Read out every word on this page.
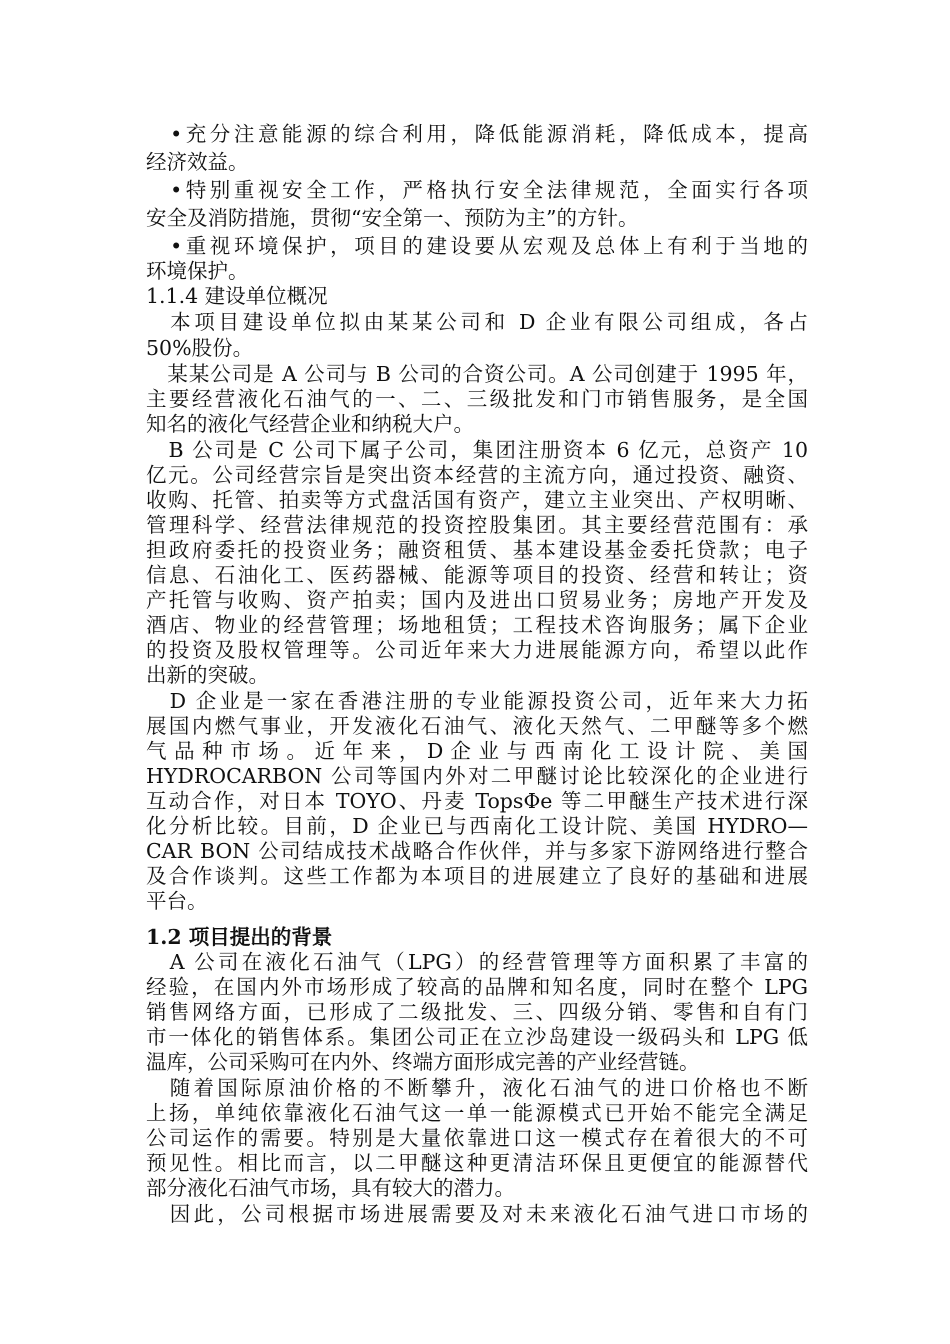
　•充分注意能源的综合利用，降低能源消耗，降低成本，提高
经济效益。
　•特别重视安全工作，严格执行安全法律规范，全面实行各项
安全及消防措施，贯彻“安全第一、预防为主”的方针。
　•重视环境保护，项目的建设要从宏观及总体上有利于当地的
环境保护。
1.1.4 建设单位概况
　本项目建设单位拟由某某公司和 D 企业有限公司组成，各占
50%股份。
　某某公司是 A 公司与 B 公司的合资公司。A 公司创建于 1995 年，
主要经营液化石油气的一、二、三级批发和门市销售服务，是全国
知名的液化气经营企业和纳税大户。
　B 公司是 C 公司下属子公司，集团注册资本 6 亿元，总资产 10
亿元。公司经营宗旨是突出资本经营的主流方向，通过投资、融资、
收购、托管、拍卖等方式盘活国有资产，建立主业突出、产权明晰、
管理科学、经营法律规范的投资控股集团。其主要经营范围有：承
担政府委托的投资业务；融资租赁、基本建设基金委托贷款；电子
信息、石油化工、医药器械、能源等项目的投资、经营和转让；资
产托管与收购、资产拍卖；国内及进出口贸易业务；房地产开发及
酒店、物业的经营管理；场地租赁；工程技术咨询服务；属下企业
的投资及股权管理等。公司近年来大力进展能源方向，希望以此作
出新的突破。
　D 企业是一家在香港注册的专业能源投资公司，近年来大力拓
展国内燃气事业，开发液化石油气、液化天然气、二甲醚等多个燃
气 品 种 市 场 。 近 年 来 ， D 企 业 与 西 南 化 工 设 计 院 、 美 国
HYDROCARBON 公司等国内外对二甲醚讨论比较深化的企业进行
互动合作，对日本 TOYO、丹麦 TopsΦe 等二甲醚生产技术进行深
化分析比较。目前，D 企业已与西南化工设计院、美国 HYDRO—
CAR BON 公司结成技术战略合作伙伴，并与多家下游网络进行整合
及合作谈判。这些工作都为本项目的进展建立了良好的基础和进展
平台。
1.2 项目提出的背景
　A 公司在液化石油气（LPG）的经营管理等方面积累了丰富的
经验，在国内外市场形成了较高的品牌和知名度，同时在整个 LPG
销售网络方面，已形成了二级批发、三、四级分销、零售和自有门
市一体化的销售体系。集团公司正在立沙岛建设一级码头和 LPG 低
温库，公司采购可在内外、终端方面形成完善的产业经营链。
　随着国际原油价格的不断攀升，液化石油气的进口价格也不断
上扬，单纯依靠液化石油气这一单一能源模式已开始不能完全满足
公司运作的需要。特别是大量依靠进口这一模式存在着很大的不可
预见性。相比而言，以二甲醚这种更清洁环保且更便宜的能源替代
部分液化石油气市场，具有较大的潜力。
　因此，公司根据市场进展需要及对未来液化石油气进口市场的
